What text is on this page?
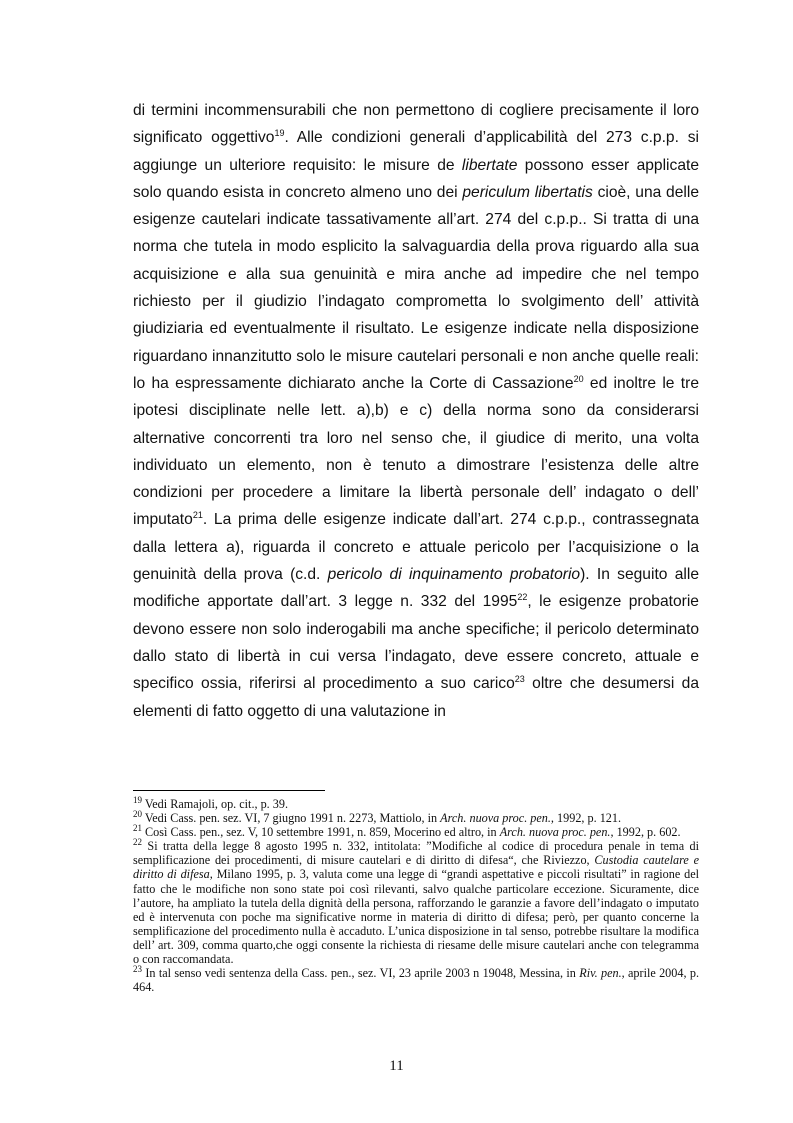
di termini incommensurabili che non permettono di cogliere precisamente il loro significato oggettivo$^{19}$. Alle condizioni generali d’applicabilità del 273 c.p.p. si aggiunge un ulteriore requisito: le misure de libertate possono esser applicate solo quando esista in concreto almeno uno dei periculum libertatis cioè, una delle esigenze cautelari indicate tassativamente all’art. 274 del c.p.p.. Si tratta di una norma che tutela in modo esplicito la salvaguardia della prova riguardo alla sua acquisizione e alla sua genuinità e mira anche ad impedire che nel tempo richiesto per il giudizio l’indagato comprometta lo svolgimento dell’ attività giudiziaria ed eventualmente il risultato. Le esigenze indicate nella disposizione riguardano innanzitutto solo le misure cautelari personali e non anche quelle reali: lo ha espressamente dichiarato anche la Corte di Cassazione$^{20}$ ed inoltre le tre ipotesi disciplinate nelle lett. a),b) e c) della norma sono da considerarsi alternative concorrenti tra loro nel senso che, il giudice di merito, una volta individuato un elemento, non è tenuto a dimostrare l’esistenza delle altre condizioni per procedere a limitare la libertà personale dell’ indagato o dell’ imputato$^{21}$. La prima delle esigenze indicate dall’art. 274 c.p.p., contrassegnata dalla lettera a), riguarda il concreto e attuale pericolo per l’acquisizione o la genuinità della prova (c.d. pericolo di inquinamento probatorio). In seguito alle modifiche apportate dall’art. 3 legge n. 332 del 1995$^{22}$, le esigenze probatorie devono essere non solo inderogabili ma anche specifiche; il pericolo determinato dallo stato di libertà in cui versa l’indagato, deve essere concreto, attuale e specifico ossia, riferirsi al procedimento a suo carico$^{23}$ oltre che desumersi da elementi di fatto oggetto di una valutazione in

$^{19}$ Vedi Ramajoli, op. cit., p. 39.

$^{20}$ Vedi Cass. pen. sez. VI, 7 giugno 1991 n. 2273, Mattiolo, in Arch. nuova proc. pen., 1992, p. 121.

$^{21}$ Così Cass. pen., sez. V, 10 settembre 1991, n. 859, Mocerino ed altro, in Arch. nuova proc. pen., 1992, p. 602.

$^{22}$ Si tratta della legge 8 agosto 1995 n. 332, intitolata: ”Modifiche al codice di procedura penale in tema di semplificazione dei procedimenti, di misure cautelari e di diritto di difesa“, che Riviezzo, Custodia cautelare e diritto di difesa, Milano 1995, p. 3, valuta come una legge di “grandi aspettative e piccoli risultati” in ragione del fatto che le modifiche non sono state poi così rilevanti, salvo qualche particolare eccezione. Sicuramente, dice l’autore, ha ampliato la tutela della dignità della persona, rafforzando le garanzie a favore dell’indagato o imputato ed è intervenuta con poche ma significative norme in materia di diritto di difesa; però, per quanto concerne la semplificazione del procedimento nulla è accaduto. L’unica disposizione in tal senso, potrebbe risultare la modifica dell’ art. 309, comma quarto,che oggi consente la richiesta di riesame delle misure cautelari anche con telegramma o con raccomandata.

$^{23}$ In tal senso vedi sentenza della Cass. pen., sez. VI, 23 aprile 2003 n 19048, Messina, in Riv. pen., aprile 2004, p. 464.

11
